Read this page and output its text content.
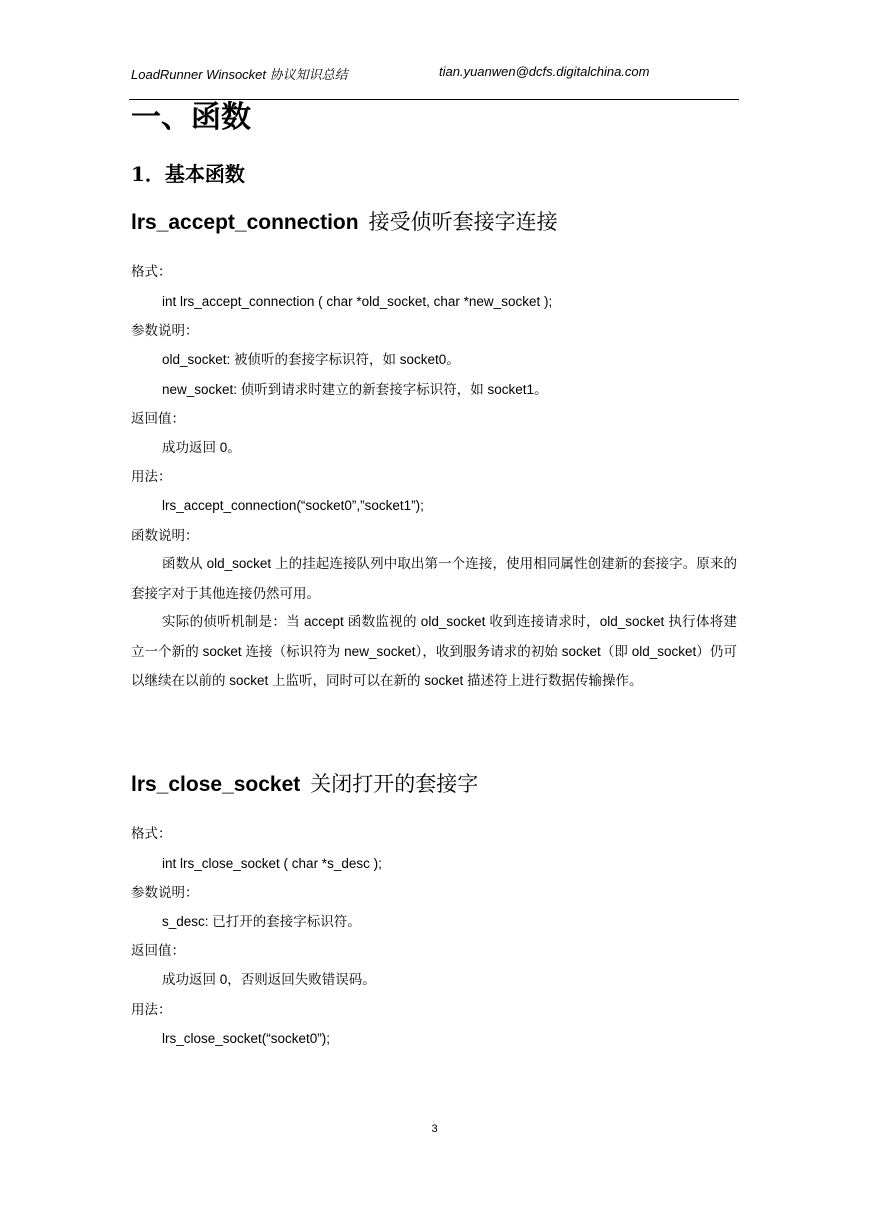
LoadRunner Winsocket 协议知识总结	tian.yuanwen@dcfs.digitalchina.com
一、函数
1．基本函数
lrs_accept_connection 接受侦听套接字连接
格式：
int lrs_accept_connection ( char *old_socket, char *new_socket );
参数说明：
old_socket: 被侦听的套接字标识符，如 socket0。
new_socket: 侦听到请求时建立的新套接字标识符，如 socket1。
返回值：
成功返回 0。
用法：
lrs_accept_connection(“socket0”,”socket1”);
函数说明：
函数从 old_socket 上的挂起连接队列中取出第一个连接，使用相同属性创建新的套接字。原来的套接字对于其他连接仍然可用。
实际的侦听机制是：当 accept 函数监视的 old_socket 收到连接请求时，old_socket 执行体将建立一个新的 socket 连接（标识符为 new_socket），收到服务请求的初始 socket（即 old_socket）仍可以继续在以前的 socket 上监听，同时可以在新的 socket 描述符上进行数据传输操作。
lrs_close_socket 关闭打开的套接字
格式：
int lrs_close_socket ( char *s_desc );
参数说明：
s_desc: 已打开的套接字标识符。
返回值：
成功返回 0，否则返回失败错误码。
用法：
lrs_close_socket(“socket0”);
3
